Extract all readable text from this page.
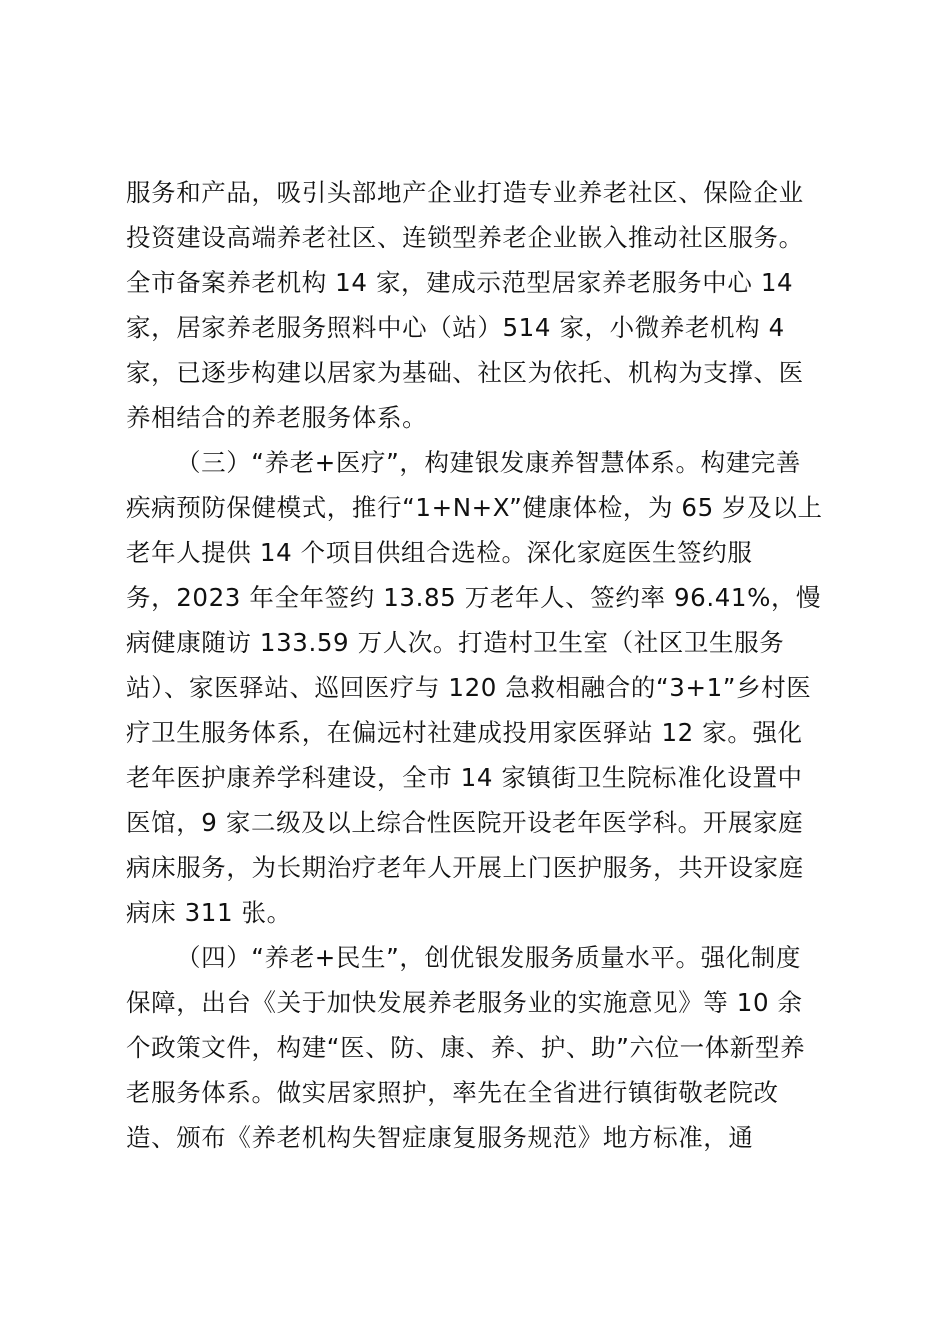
服务和产品，吸引头部地产企业打造专业养老社区、保险企业
投资建设高端养老社区、连锁型养老企业嵌入推动社区服务。
全市备案养老机构 14 家，建成示范型居家养老服务中心 14
家，居家养老服务照料中心（站）514 家，小微养老机构 4
家，已逐步构建以居家为基础、社区为依托、机构为支撑、医
养相结合的养老服务体系。
（三）“养老+医疗”，构建银发康养智慧体系。构建完善
疾病预防保健模式，推行“1+N+X”健康体检，为 65 岁及以上
老年人提供 14 个项目供组合选检。深化家庭医生签约服
务，2023 年全年签约 13.85 万老年人、签约率 96.41%，慢
病健康随访 133.59 万人次。打造村卫生室（社区卫生服务
站）、家医驿站、巡回医疗与 120 急救相融合的“3+1”乡村医
疗卫生服务体系，在偏远村社建成投用家医驿站 12 家。强化
老年医护康养学科建设，全市 14 家镇街卫生院标准化设置中
医馆，9 家二级及以上综合性医院开设老年医学科。开展家庭
病床服务，为长期治疗老年人开展上门医护服务，共开设家庭
病床 311 张。
（四）“养老+民生”，创优银发服务质量水平。强化制度
保障，出台《关于加快发展养老服务业的实施意见》等 10 余
个政策文件，构建“医、防、康、养、护、助”六位一体新型养
老服务体系。做实居家照护，率先在全省进行镇街敬老院改
造、颁布《养老机构失智症康复服务规范》地方标准，通
